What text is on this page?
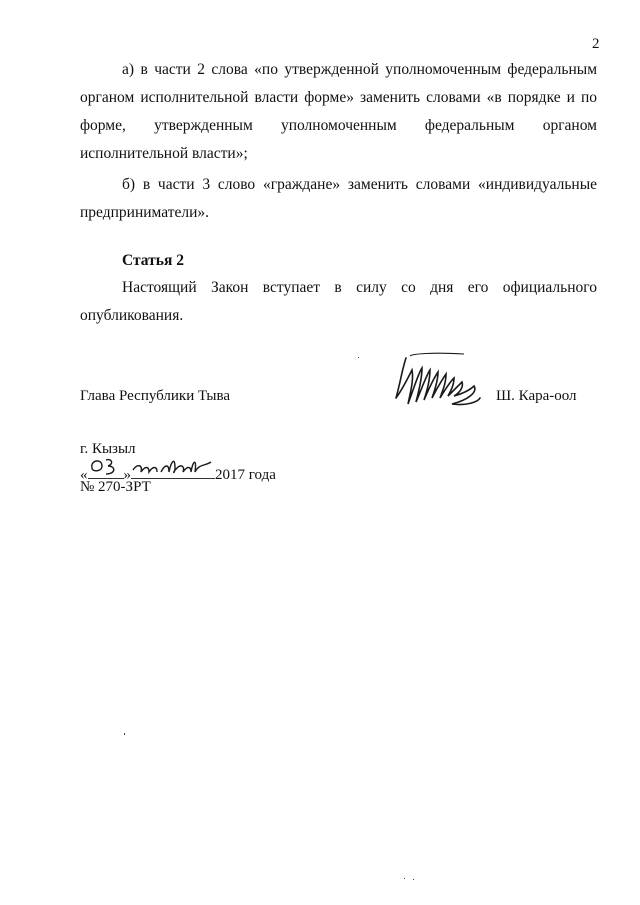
2

а) в части 2 слова «по утвержденной уполномоченным федеральным органом исполнительной власти форме» заменить словами «в порядке и по форме, утвержденным уполномоченным федеральным органом исполнительной власти»;

б) в части 3 слово «граждане» заменить словами «индивидуальные предприниматели».

Статья 2

Настоящий Закон вступает в силу со дня его официального опубликования.

Глава Республики Тыва	Ш. Кара-оол
г. Кызыл
« »	2017 года
№ 270-ЗРТ
